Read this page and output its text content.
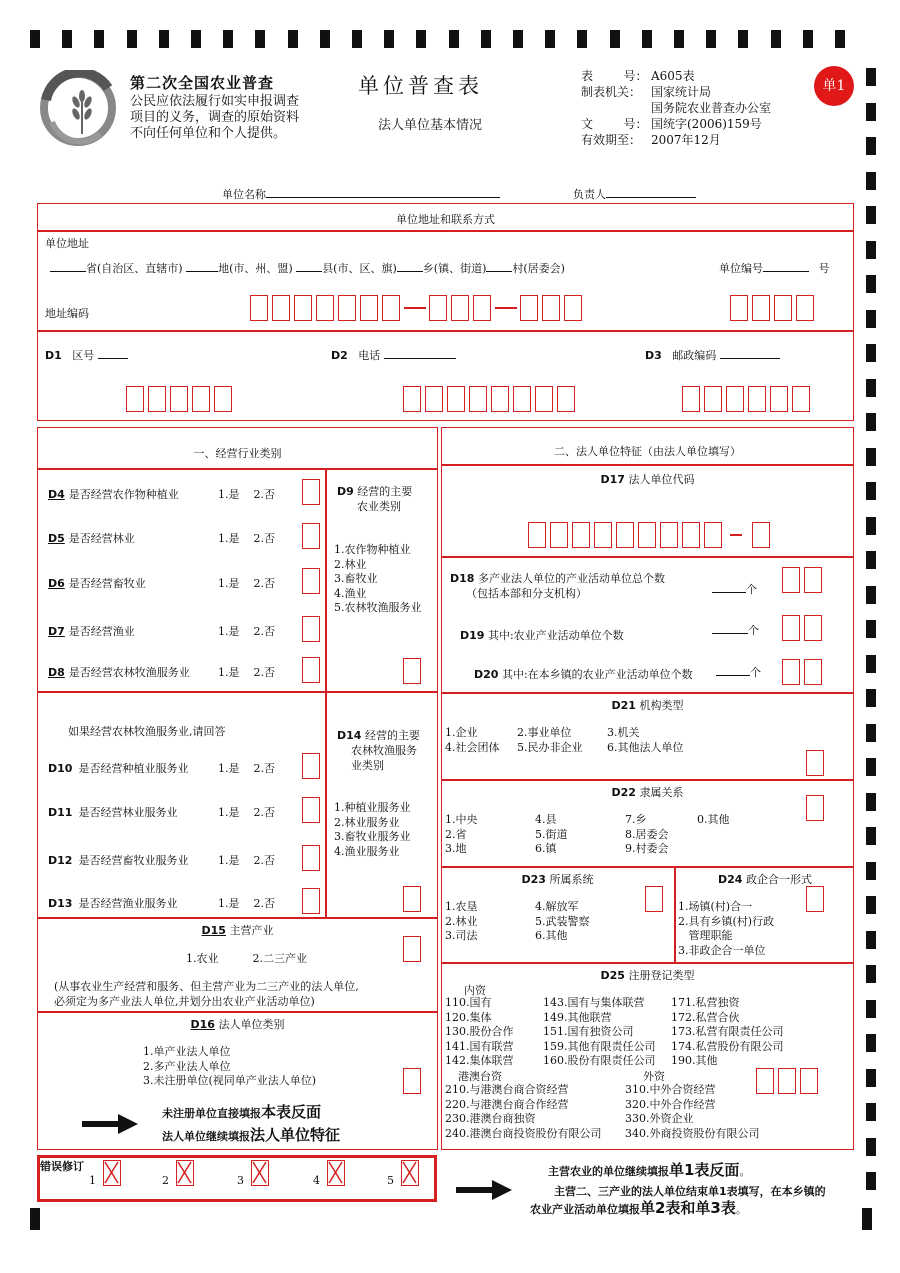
第二次全国农业普查
公民应依法履行如实申报调查
项目的义务，调查的原始资料
不向任何单位和个人提供。
单位普查表
法人单位基本情况
表        号： A605表
制表机关： 国家统计局
国务院农业普查办公室
文        号： 国统字(2006)159号
有效期至： 2007年12月
单1
单位名称	负责人
单位地址和联系方式
单位地址
省(自治区、直辖市)	地(市、州、盟)	县(市、区、旗) 乡(镇、街道) 村(居委会)	单位编号	号
地址编码
D1 区号	D2 电话	D3 邮政编码
一、经营行业类别
D4 是否经营农作物种植业	1.是 2.否
D5 是否经营林业	1.是 2.否
D6 是否经营畜牧业	1.是 2.否
D7 是否经营渔业	1.是 2.否
D8 是否经营农林牧渔服务业	1.是 2.否
D9 经营的主要
农业类别
1.农作物种植业
2.林业
3.畜牧业
4.渔业
5.农林牧渔服务业
如果经营农林牧渔服务业,请回答
D10 是否经营种植业服务业	1.是 2.否
D11 是否经营林业服务业	1.是 2.否
D12 是否经营畜牧业服务业	1.是 2.否
D13 是否经营渔业服务业	1.是 2.否
D14 经营的主要
农林牧渔服务
业类别
1.种植业服务业
2.林业服务业
3.畜牧业服务业
4.渔业服务业
D15 主营产业
1.农业	2.二三产业
(从事农业生产经营和服务、但主营产业为二三产业的法人单位,
必须定为多产业法人单位,并划分出农业产业活动单位)
D16 法人单位类别
1.单产业法人单位
2.多产业法人单位
3.未注册单位(视同单产业法人单位)
未注册单位直接填报本表反面
法人单位继续填报法人单位特征
二、法人单位特征（由法人单位填写）
D17 法人单位代码
D18 多产业法人单位的产业活动单位总个数
（包括本部和分支机构）	个
D19 其中:农业产业活动单位个数	个
D20 其中:在本乡镇的农业产业活动单位个数	个
D21 机构类型
1.企业	2.事业单位	3.机关
4.社会团体 5.民办非企业 6.其他法人单位
D22 隶属关系
1.中央	4.县	7.乡	0.其他
2.省	5.街道	8.居委会
3.地	6.镇	9.村委会
D23 所属系统
1.农垦	4.解放军
2.林业	5.武装警察
3.司法	6.其他
D24 政企合一形式
1.场镇(村)合一
2.具有乡镇(村)行政
管理职能
3.非政企合一单位
D25 注册登记类型
内资
110.国有	143.国有与集体联营 171.私营独资
120.集体	149.其他联营	172.私营合伙
130.股份合作	151.国有独资公司	173.私营有限责任公司
141.国有联营	159.其他有限责任公司 174.私营股份有限公司
142.集体联营	160.股份有限责任公司 190.其他
港澳台资	外资
210.与港澳台商合资经营	310.中外合资经营
220.与港澳台商合作经营	320.中外合作经营
230.港澳台商独资	330.外资企业
240.港澳台商投资股份有限公司 340.外商投资股份有限公司
错误修订
1	2	3	4	5
主营农业的单位继续填报单1表反面。
主营二、三产业的法人单位结束单1表填写，在本乡镇的
农业产业活动单位填报单2表和单3表。
